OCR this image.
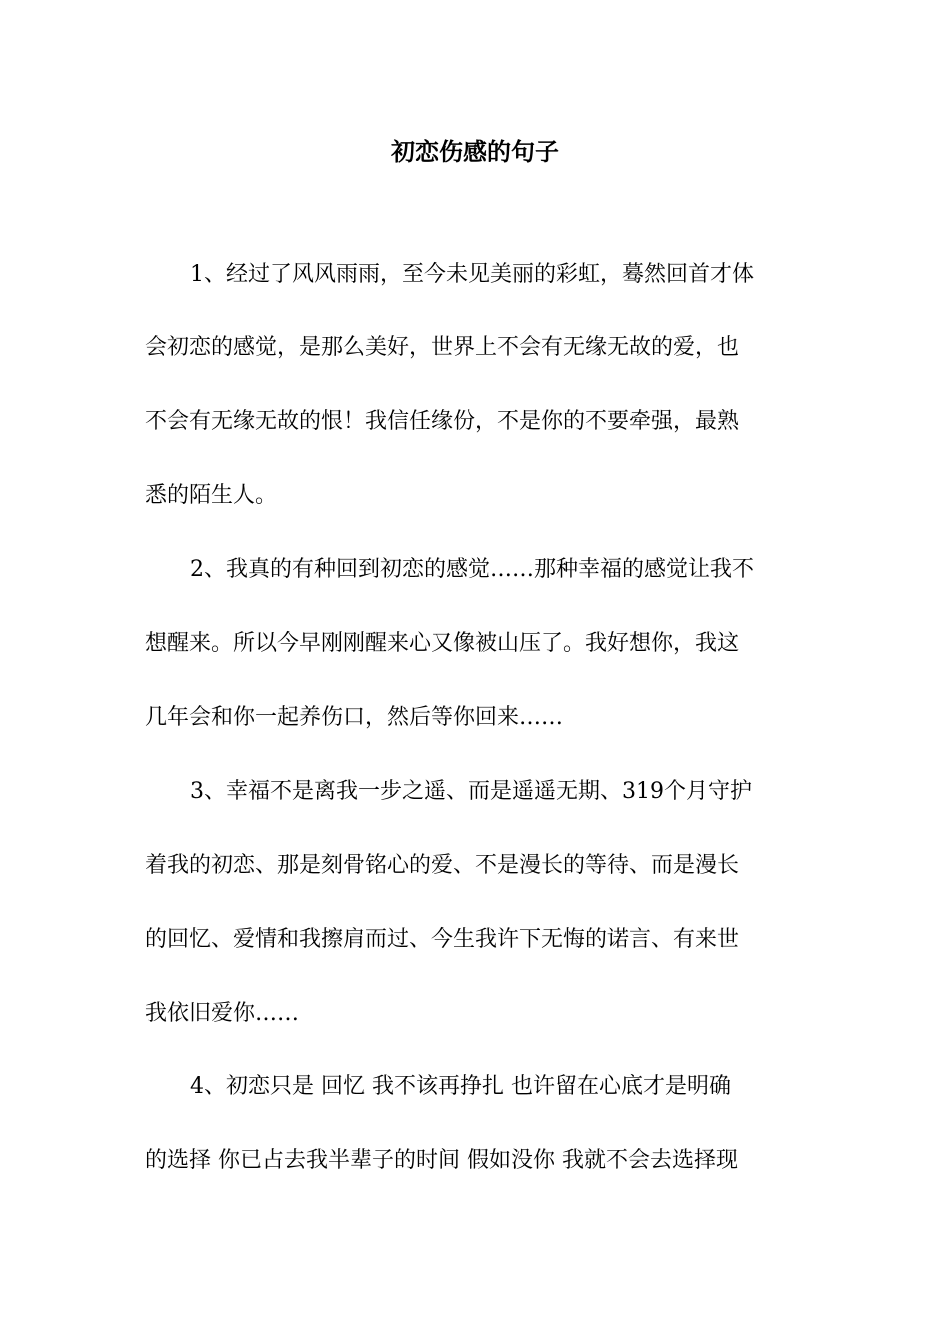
初恋伤感的句子

1、经过了风风雨雨，至今未见美丽的彩虹，蓦然回首才体

会初恋的感觉，是那么美好，世界上不会有无缘无故的爱，也

不会有无缘无故的恨！我信任缘份，不是你的不要牵强，最熟

悉的陌生人。

2、我真的有种回到初恋的感觉……那种幸福的感觉让我不

想醒来。所以今早刚刚醒来心又像被山压了。我好想你，我这

几年会和你一起养伤口，然后等你回来……

3、幸福不是离我一步之遥、而是遥遥无期、319个月守护

着我的初恋、那是刻骨铭心的爱、不是漫长的等待、而是漫长

的回忆、爱情和我擦肩而过、今生我许下无悔的诺言、有来世

我依旧爱你……

4、初恋只是 回忆 我不该再挣扎 也许留在心底才是明确

的选择 你已占去我半辈子的时间 假如没你 我就不会去选择现
